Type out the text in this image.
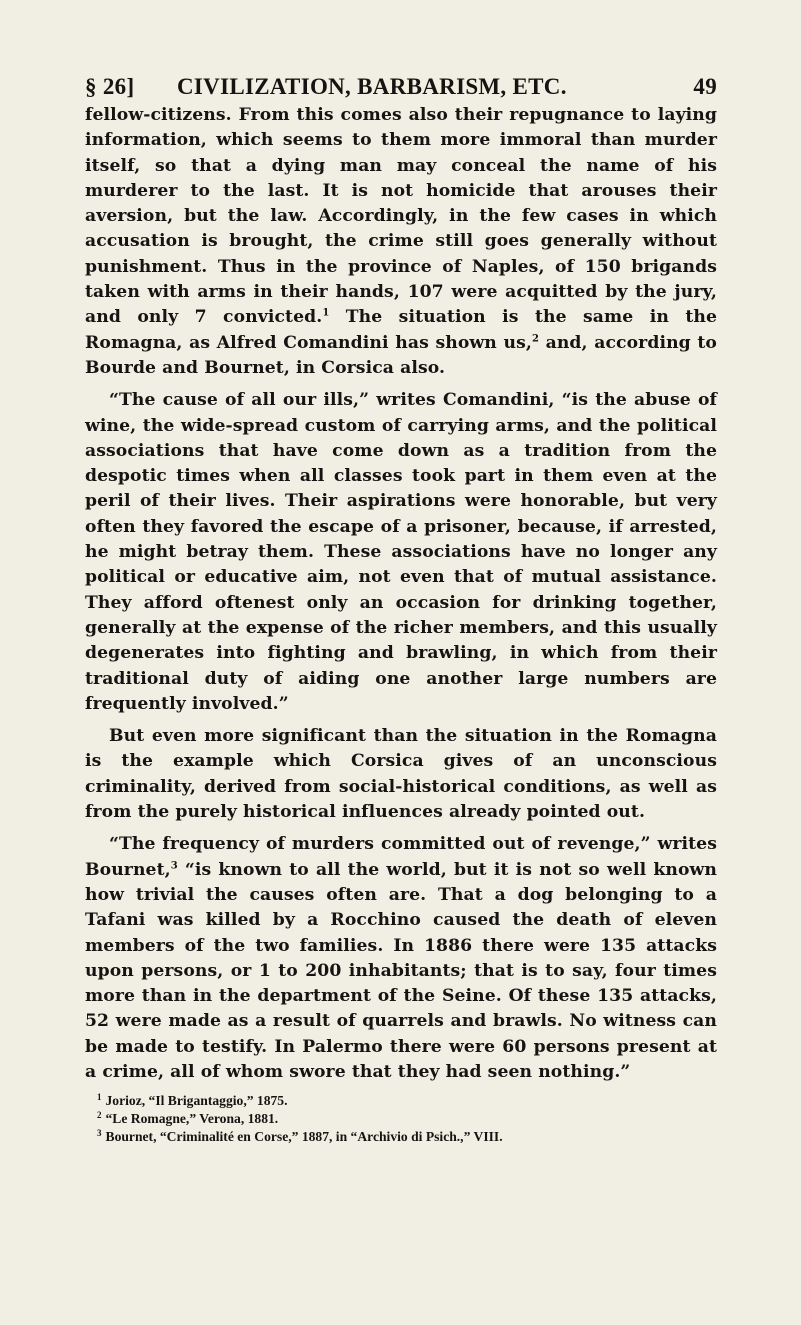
§ 26] CIVILIZATION, BARBARISM, ETC.	49

fellow-citizens. From this comes also their repugnance to laying information, which seems to them more immoral than murder itself, so that a dying man may conceal the name of his murderer to the last. It is not homicide that arouses their aversion, but the law. Accordingly, in the few cases in which accusation is brought, the crime still goes generally without punishment. Thus in the province of Naples, of 150 brigands taken with arms in their hands, 107 were acquitted by the jury, and only 7 convicted.$^1$ The situation is the same in the Romagna, as Alfred Comandini has shown us,$^2$ and, according to Bourde and Bournet, in Corsica also.

“The cause of all our ills,” writes Comandini, “is the abuse of wine, the wide-spread custom of carrying arms, and the political associations that have come down as a tradition from the despotic times when all classes took part in them even at the peril of their lives. Their aspirations were honorable, but very often they favored the escape of a prisoner, because, if arrested, he might betray them. These associations have no longer any political or educative aim, not even that of mutual assistance. They afford oftenest only an occasion for drinking together, generally at the expense of the richer members, and this usually degenerates into fighting and brawling, in which from their traditional duty of aiding one another large numbers are frequently involved.”

But even more significant than the situation in the Romagna is the example which Corsica gives of an unconscious criminality, derived from social-historical conditions, as well as from the purely historical influences already pointed out.

“The frequency of murders committed out of revenge,” writes Bournet,$^3$ “is known to all the world, but it is not so well known how trivial the causes often are. That a dog belonging to a Tafani was killed by a Rocchino caused the death of eleven members of the two families. In 1886 there were 135 attacks upon persons, or 1 to 200 inhabitants; that is to say, four times more than in the department of the Seine. Of these 135 attacks, 52 were made as a result of quarrels and brawls. No witness can be made to testify. In Palermo there were 60 persons present at a crime, all of whom swore that they had seen nothing.”

$^1$ Jorioz, “Il Brigantaggio,” 1875.
$^2$ “Le Romagne,” Verona, 1881.
$^3$ Bournet, “Criminalité en Corse,” 1887, in “Archivio di Psich.,” VIII.
